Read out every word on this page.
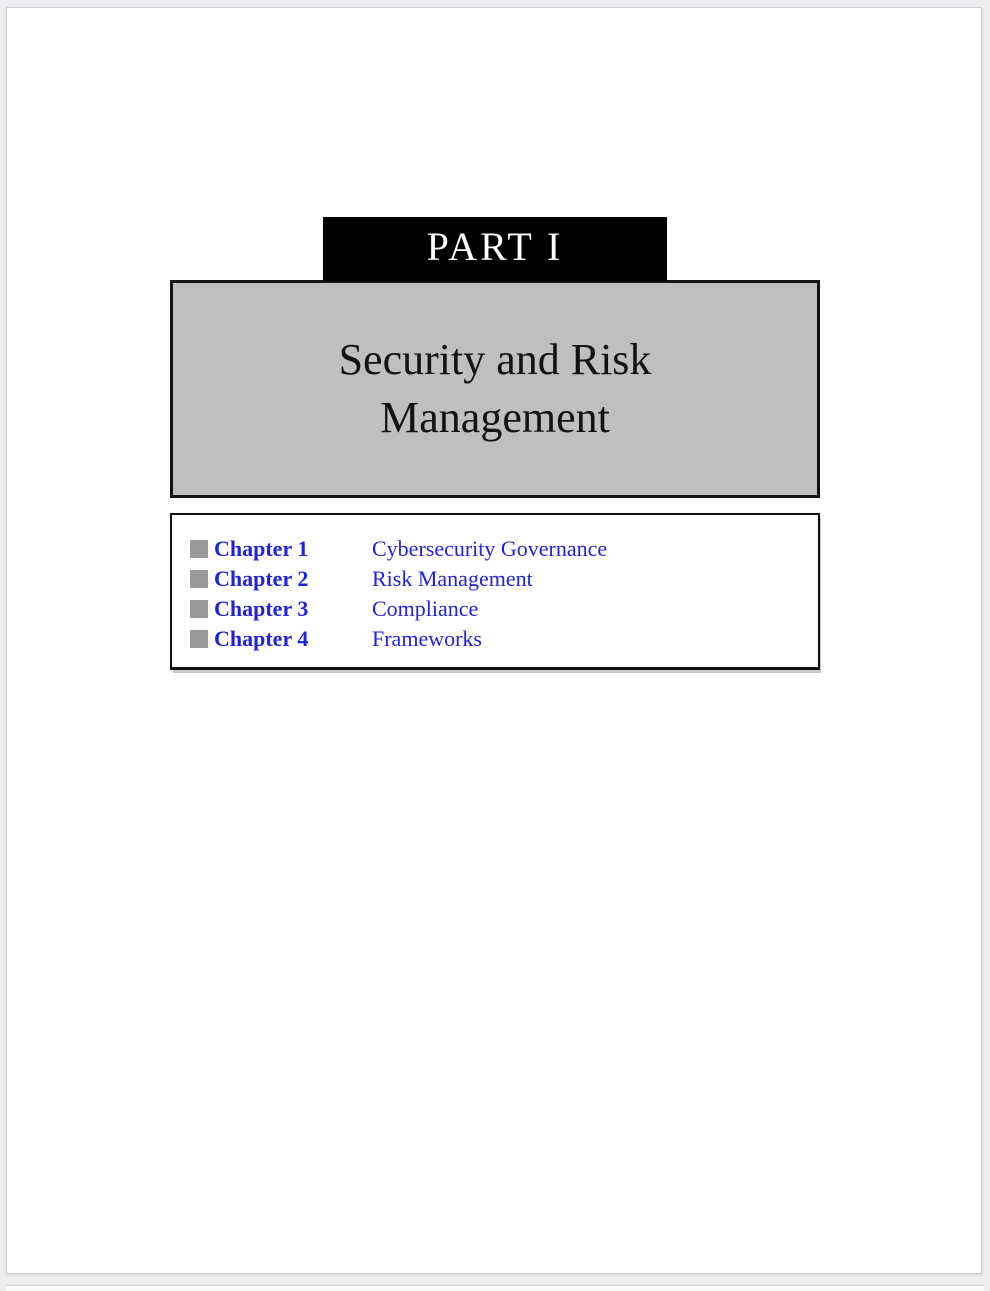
PART I
Security and Risk
Management
Chapter 1	Cybersecurity Governance
Chapter 2	Risk Management
Chapter 3	Compliance
Chapter 4	Frameworks
